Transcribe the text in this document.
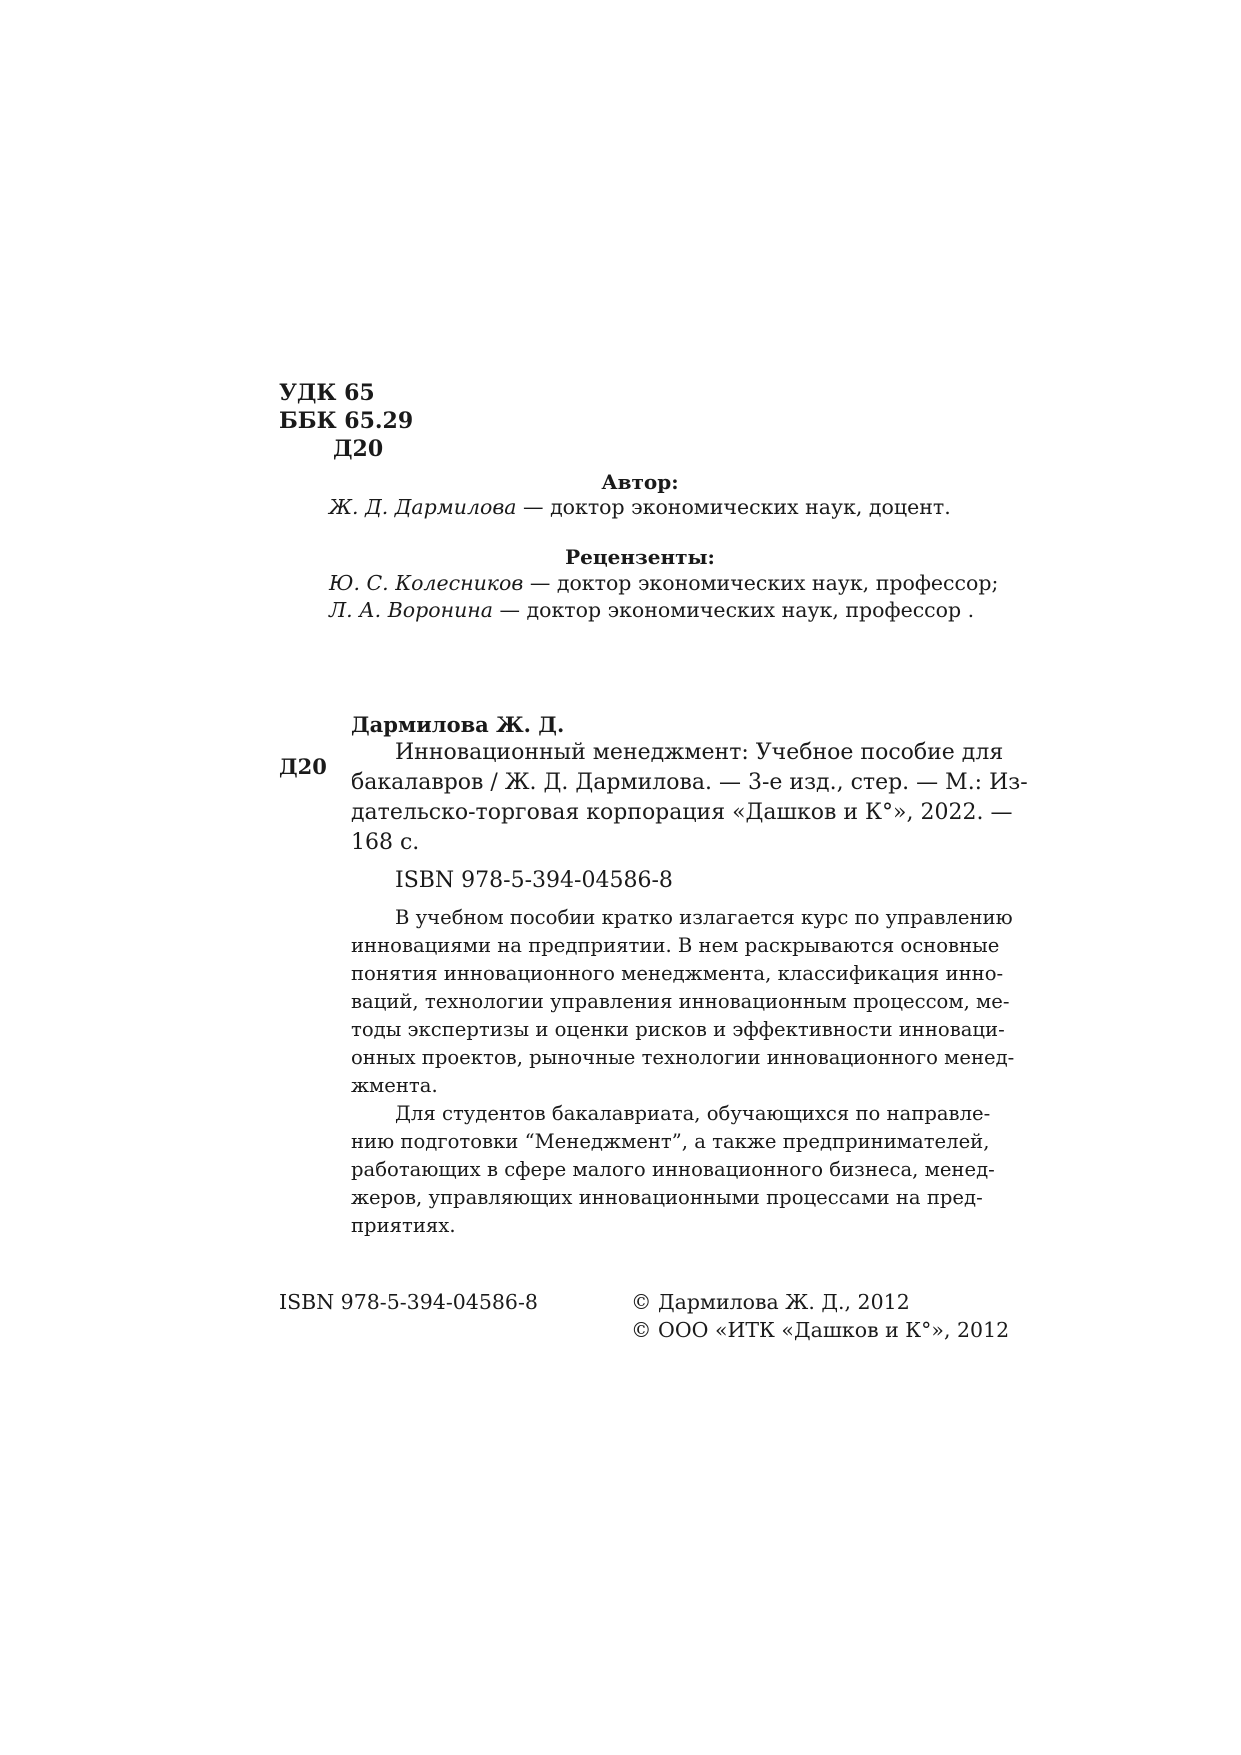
УДК 65
ББК 65.29
Д20
Автор:
Ж. Д. Дармилова — доктор экономических наук, доцент.
Рецензенты:
Ю. С. Колесников — доктор экономических наук, профессор;
Л. А. Воронина — доктор экономических наук, профессор .
Дармилова Ж. Д.
Д20
Инновационный менеджмент: Учебное пособие для
бакалавров / Ж. Д. Дармилова. — 3-е изд., стер. — М.: Из-
дательско-торговая корпорация «Дашков и К°», 2022. —
168 с.
ISBN 978-5-394-04586-8
В учебном пособии кратко излагается курс по управлению
инновациями на предприятии. В нем раскрываются основные
понятия инновационного менеджмента, классификация инно-
ваций, технологии управления инновационным процессом, ме-
тоды экспертизы и оценки рисков и эффективности инноваци-
онных проектов, рыночные технологии инновационного менед-
жмента.
Для студентов бакалавриата, обучающихся по направле-
нию подготовки “Менеджмент”, а также предпринимателей,
работающих в сфере малого инновационного бизнеса, менед-
жеров, управляющих инновационными процессами на пред-
приятиях.
ISBN 978-5-394-04586-8	© Дармилова Ж. Д., 2012
© ООО «ИТК «Дашков и К°», 2012
